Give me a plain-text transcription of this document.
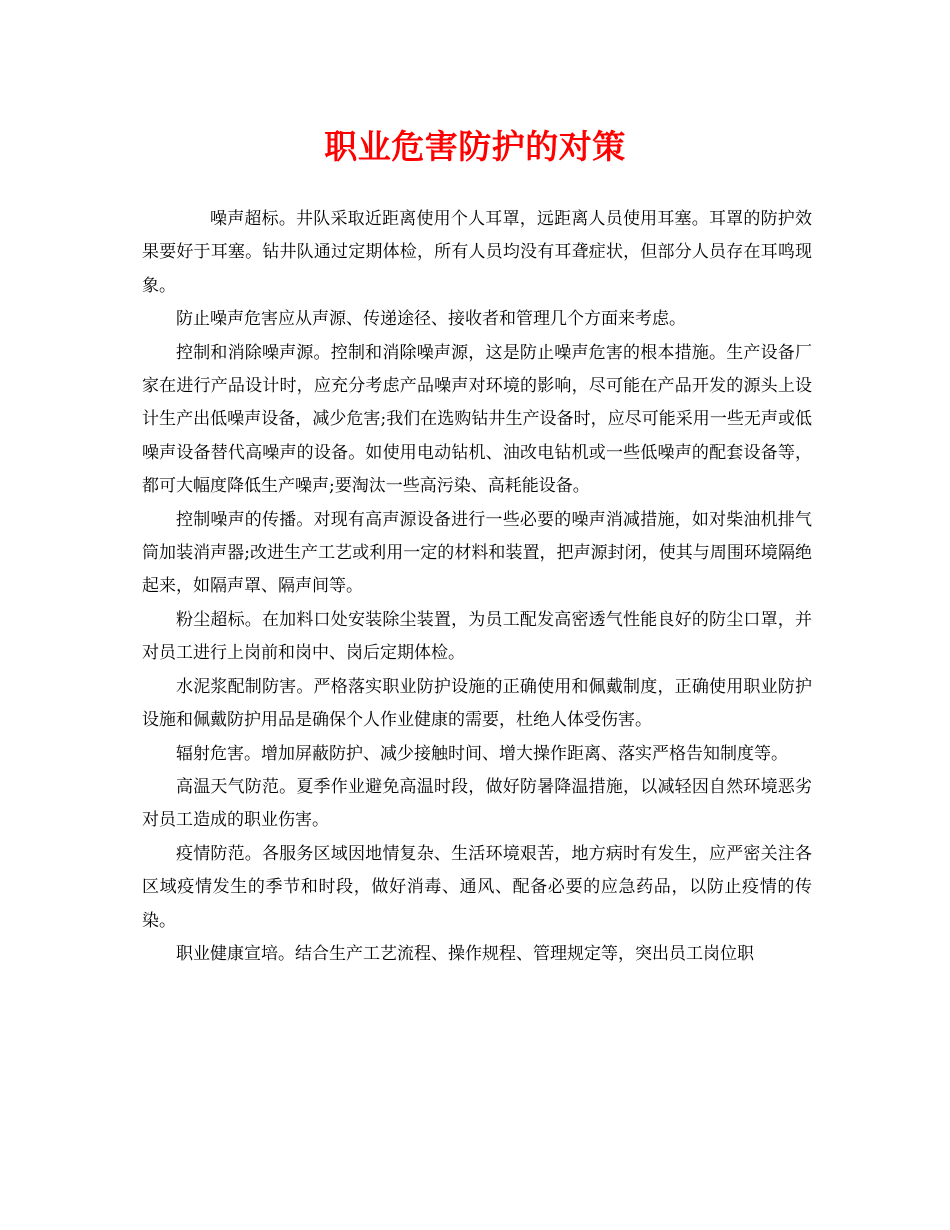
职业危害防护的对策

噪声超标。井队采取近距离使用个人耳罩，远距离人员使用耳塞。耳罩的防护效果要好于耳塞。钻井队通过定期体检，所有人员均没有耳聋症状，但部分人员存在耳鸣现象。

防止噪声危害应从声源、传递途径、接收者和管理几个方面来考虑。

控制和消除噪声源。控制和消除噪声源，这是防止噪声危害的根本措施。生产设备厂家在进行产品设计时，应充分考虑产品噪声对环境的影响，尽可能在产品开发的源头上设计生产出低噪声设备，减少危害;我们在选购钻井生产设备时，应尽可能采用一些无声或低噪声设备替代高噪声的设备。如使用电动钻机、油改电钻机或一些低噪声的配套设备等，都可大幅度降低生产噪声;要淘汰一些高污染、高耗能设备。

控制噪声的传播。对现有高声源设备进行一些必要的噪声消减措施，如对柴油机排气筒加装消声器;改进生产工艺或利用一定的材料和装置，把声源封闭，使其与周围环境隔绝起来，如隔声罩、隔声间等。

粉尘超标。在加料口处安装除尘装置，为员工配发高密透气性能良好的防尘口罩，并对员工进行上岗前和岗中、岗后定期体检。

水泥浆配制防害。严格落实职业防护设施的正确使用和佩戴制度，正确使用职业防护设施和佩戴防护用品是确保个人作业健康的需要，杜绝人体受伤害。

辐射危害。增加屏蔽防护、减少接触时间、增大操作距离、落实严格告知制度等。

高温天气防范。夏季作业避免高温时段，做好防暑降温措施，以减轻因自然环境恶劣对员工造成的职业伤害。

疫情防范。各服务区域因地情复杂、生活环境艰苦，地方病时有发生，应严密关注各区域疫情发生的季节和时段，做好消毒、通风、配备必要的应急药品，以防止疫情的传染。

职业健康宣培。结合生产工艺流程、操作规程、管理规定等，突出员工岗位职
